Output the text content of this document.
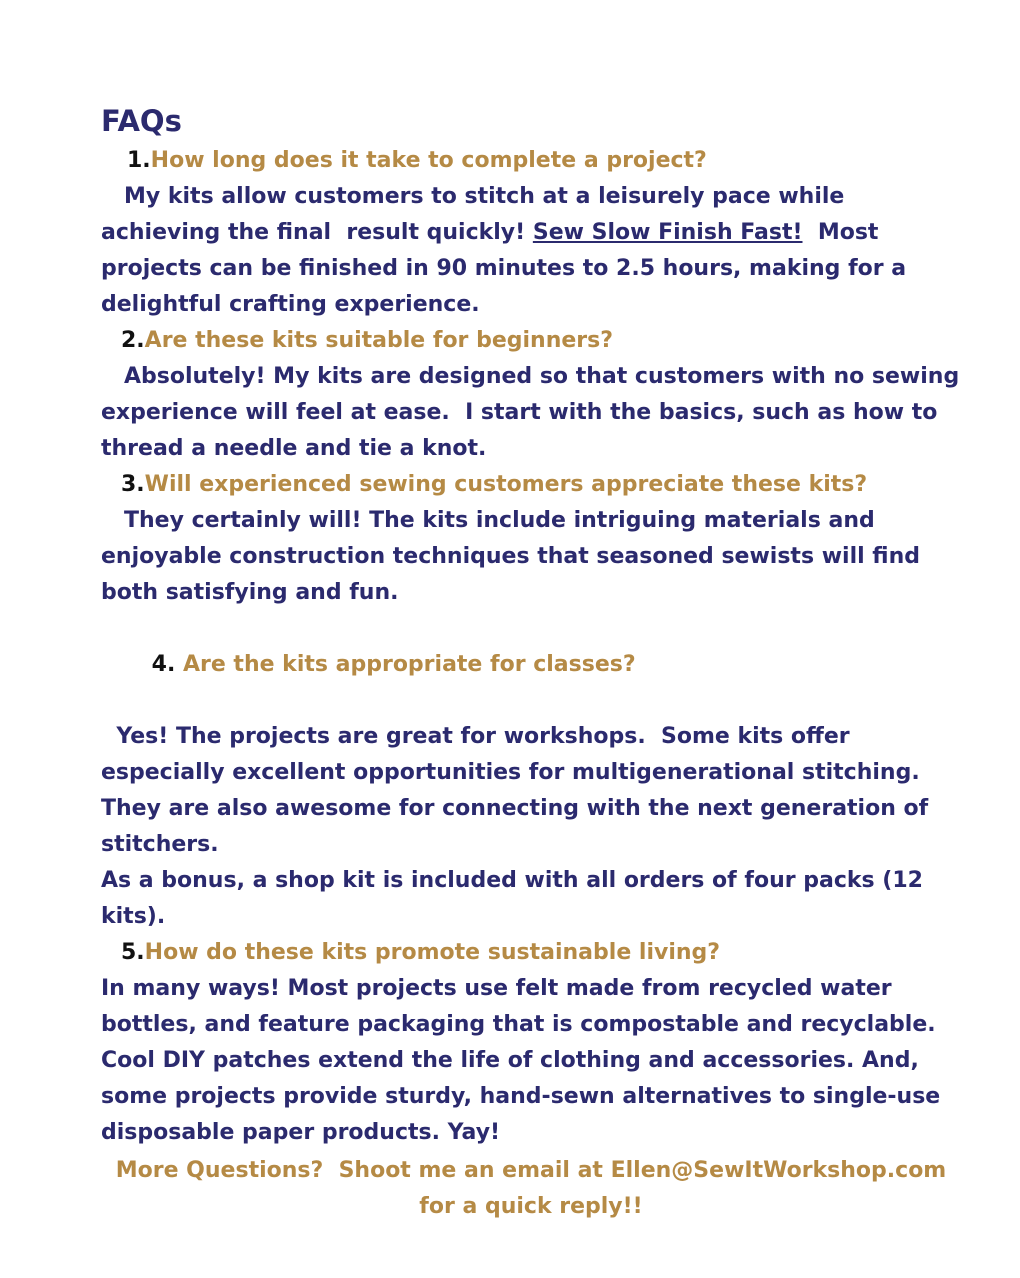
FAQs
1.How long does it take to complete a project?

My kits allow customers to stitch at a leisurely pace while achieving the final  result quickly! Sew Slow Finish Fast!  Most projects can be finished in 90 minutes to 2.5 hours, making for a delightful crafting experience.

2.Are these kits suitable for beginners?

Absolutely! My kits are designed so that customers with no sewing experience will feel at ease.  I start with the basics, such as how to thread a needle and tie a knot.

3.Will experienced sewing customers appreciate these kits?

They certainly will! The kits include intriguing materials and enjoyable construction techniques that seasoned sewists will find both satisfying and fun.

4. Are the kits appropriate for classes?

Yes! The projects are great for workshops.  Some kits offer especially excellent opportunities for multigenerational stitching. They are also awesome for connecting with the next generation of stitchers.

As a bonus, a shop kit is included with all orders of four packs (12 kits).

5.How do these kits promote sustainable living?

In many ways! Most projects use felt made from recycled water bottles, and feature packaging that is compostable and recyclable. Cool DIY patches extend the life of clothing and accessories. And, some projects provide sturdy, hand-sewn alternatives to single-use disposable paper products. Yay!

More Questions?  Shoot me an email at Ellen@SewItWorkshop.com
for a quick reply!!
